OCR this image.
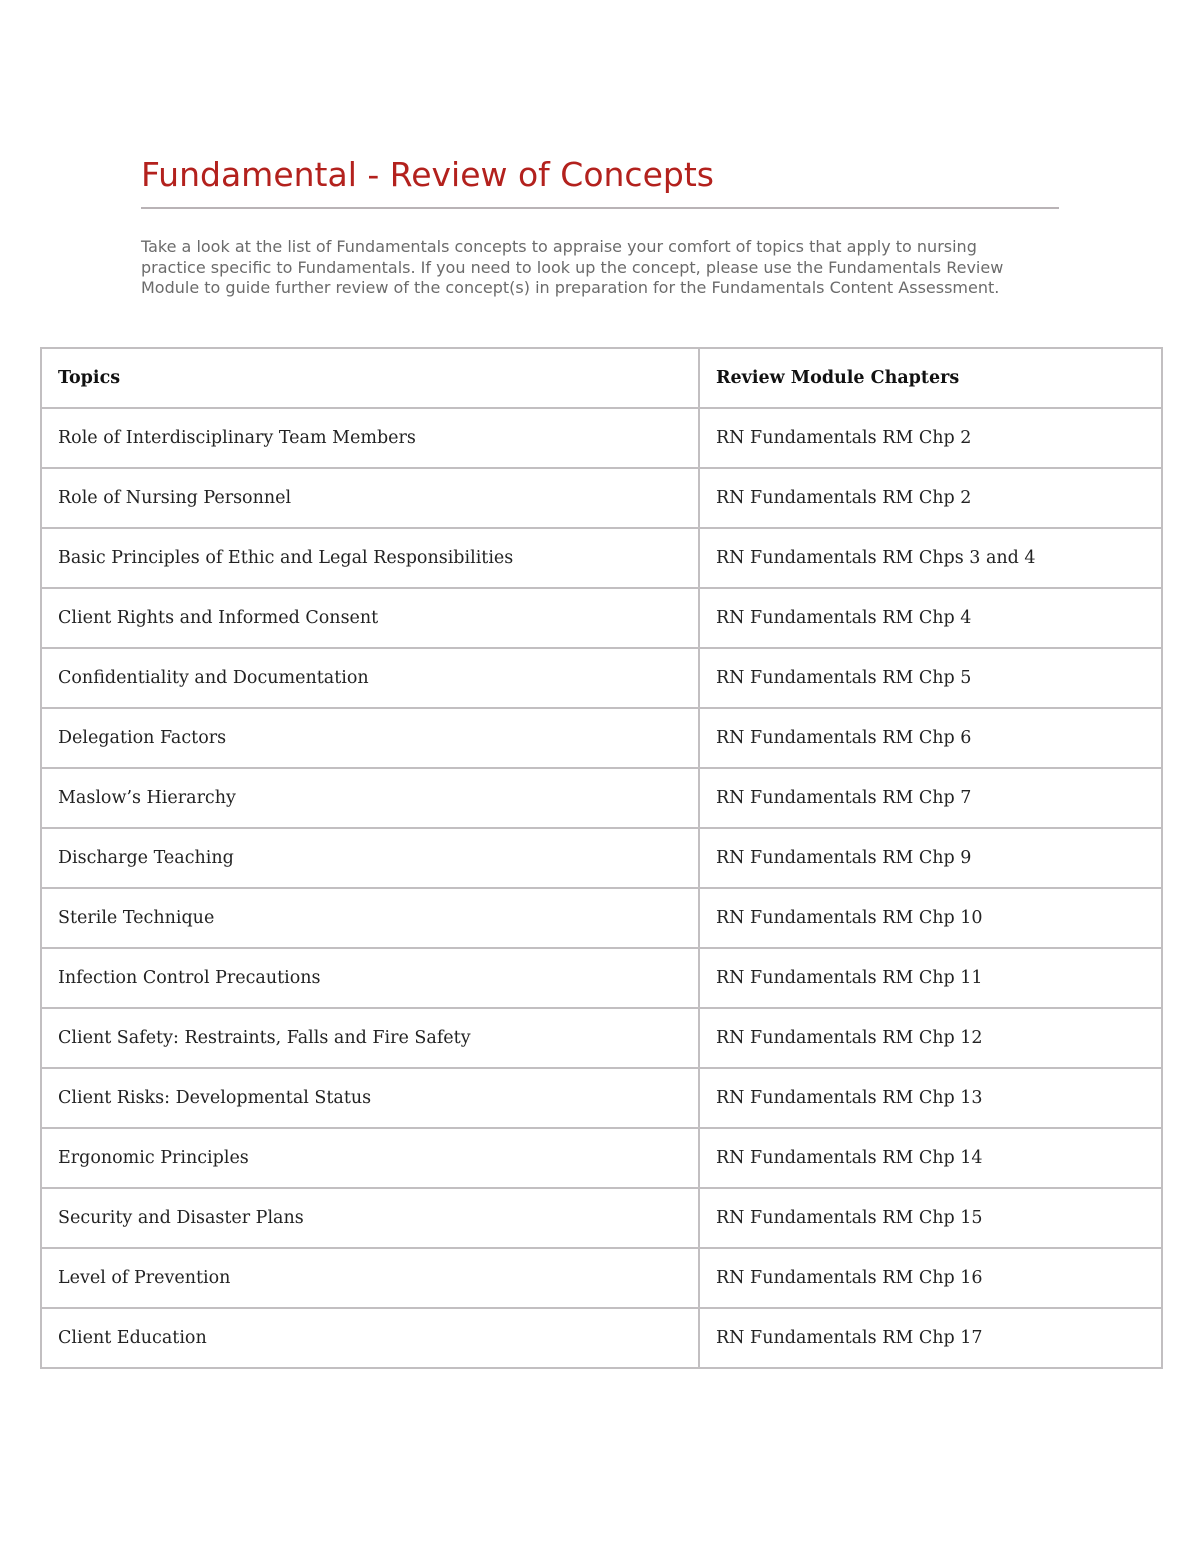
Fundamental - Review of Concepts

Take a look at the list of Fundamentals concepts to appraise your comfort of topics that apply to nursing practice specific to Fundamentals. If you need to look up the concept, please use the Fundamentals Review Module to guide further review of the concept(s) in preparation for the Fundamentals Content Assessment.

Topics	Review Module Chapters
Role of Interdisciplinary Team Members	RN Fundamentals RM Chp 2
Role of Nursing Personnel	RN Fundamentals RM Chp 2
Basic Principles of Ethic and Legal Responsibilities	RN Fundamentals RM Chps 3 and 4
Client Rights and Informed Consent	RN Fundamentals RM Chp 4
Confidentiality and Documentation	RN Fundamentals RM Chp 5
Delegation Factors	RN Fundamentals RM Chp 6
Maslow’s Hierarchy	RN Fundamentals RM Chp 7
Discharge Teaching	RN Fundamentals RM Chp 9
Sterile Technique	RN Fundamentals RM Chp 10
Infection Control Precautions	RN Fundamentals RM Chp 11
Client Safety: Restraints, Falls and Fire Safety	RN Fundamentals RM Chp 12
Client Risks: Developmental Status	RN Fundamentals RM Chp 13
Ergonomic Principles	RN Fundamentals RM Chp 14
Security and Disaster Plans	RN Fundamentals RM Chp 15
Level of Prevention	RN Fundamentals RM Chp 16
Client Education	RN Fundamentals RM Chp 17
